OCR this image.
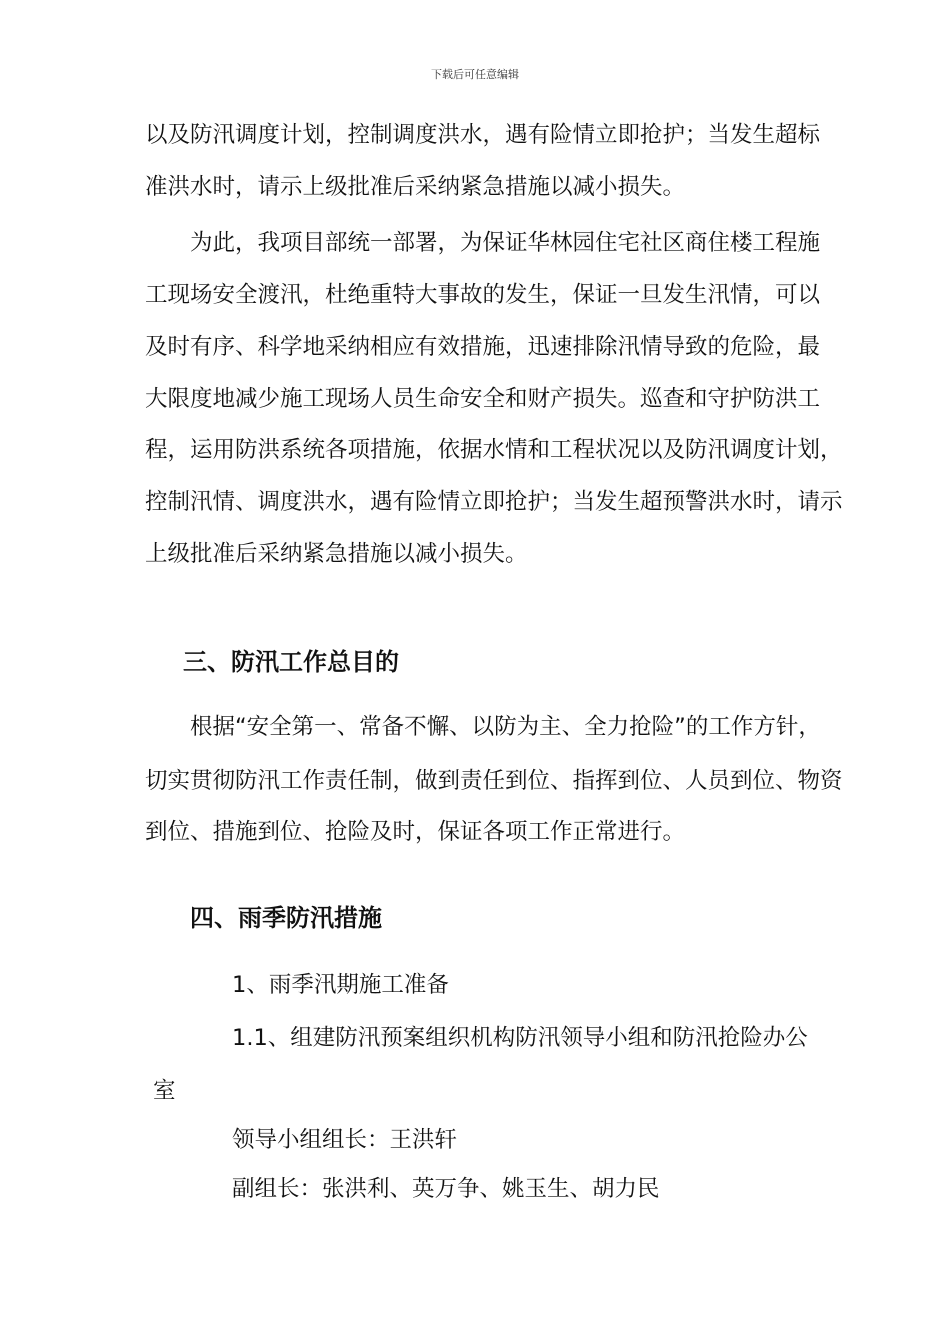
下载后可任意编辑
以及防汛调度计划，控制调度洪水，遇有险情立即抢护；当发生超标
准洪水时，请示上级批准后采纳紧急措施以减小损失。
为此，我项目部统一部署，为保证华林园住宅社区商住楼工程施
工现场安全渡汛，杜绝重特大事故的发生，保证一旦发生汛情，可以
及时有序、科学地采纳相应有效措施，迅速排除汛情导致的危险，最
大限度地减少施工现场人员生命安全和财产损失。巡查和守护防洪工
程，运用防洪系统各项措施，依据水情和工程状况以及防汛调度计划，
控制汛情、调度洪水，遇有险情立即抢护；当发生超预警洪水时，请示
上级批准后采纳紧急措施以减小损失。
三、防汛工作总目的
根据“安全第一、常备不懈、以防为主、全力抢险”的工作方针，
切实贯彻防汛工作责任制，做到责任到位、指挥到位、人员到位、物资
到位、措施到位、抢险及时，保证各项工作正常进行。
四、雨季防汛措施
1、雨季汛期施工准备
1.1、组建防汛预案组织机构防汛领导小组和防汛抢险办公
室
领导小组组长：王洪轩
副组长：张洪利、英万争、姚玉生、胡力民
